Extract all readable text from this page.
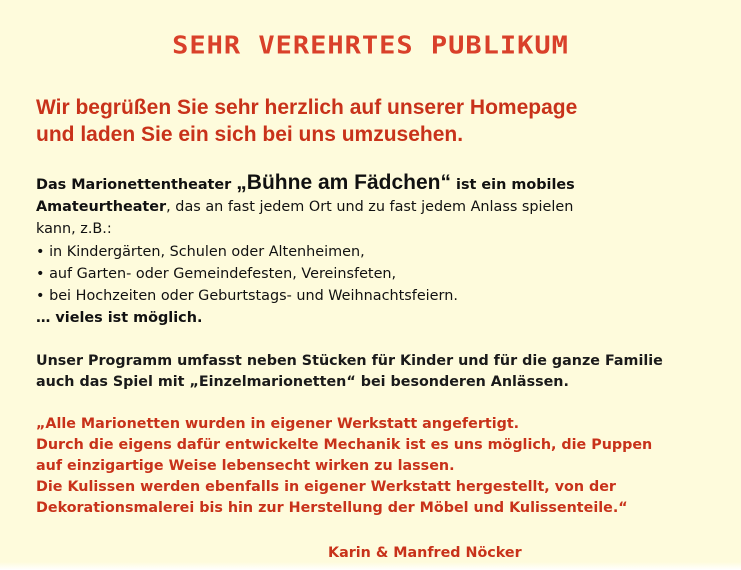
SEHR VEREHRTES PUBLIKUM
Wir begrüßen Sie sehr herzlich auf unserer Homepage
und laden Sie ein sich bei uns umzusehen.
Das Marionettentheater „Bühne am Fädchen“ ist ein mobiles
Amateurtheater, das an fast jedem Ort und zu fast jedem Anlass spielen
kann, z.B.:
• in Kindergärten, Schulen oder Altenheimen,
• auf Garten- oder Gemeindefesten, Vereinsfeten,
• bei Hochzeiten oder Geburtstags- und Weihnachtsfeiern.
… vieles ist möglich.
Unser Programm umfasst neben Stücken für Kinder und für die ganze Familie
auch das Spiel mit „Einzelmarionetten“ bei besonderen Anlässen.
„Alle Marionetten wurden in eigener Werkstatt angefertigt.
Durch die eigens dafür entwickelte Mechanik ist es uns möglich, die Puppen
auf einzigartige Weise lebensecht wirken zu lassen.
Die Kulissen werden ebenfalls in eigener Werkstatt hergestellt, von der
Dekorationsmalerei bis hin zur Herstellung der Möbel und Kulissenteile.“
Karin & Manfred Nöcker
